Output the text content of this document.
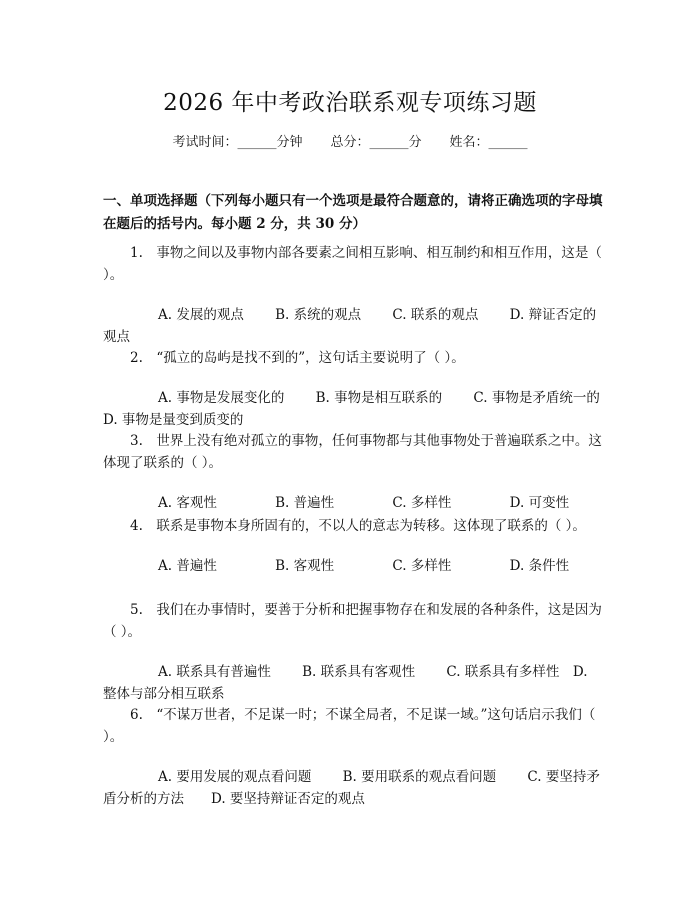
2026 年中考政治联系观专项练习题
考试时间：______分钟 总分：______分 姓名：______
一、单项选择题（下列每小题只有一个选项是最符合题意的，请将正确选项的字母填在题后的括号内。每小题 2 分，共 30 分）
1.　事物之间以及事物内部各要素之间相互影响、相互制约和相互作用，这是（ ）。
A. 发展的观点　　 B. 系统的观点　　 C. 联系的观点　　 D. 辩证否定的观点
2.　“孤立的岛屿是找不到的”，这句话主要说明了（ ）。
A. 事物是发展变化的　　 B. 事物是相互联系的　　 C. 事物是矛盾统一的　　D. 事物是量变到质变的
3.　世界上没有绝对孤立的事物，任何事物都与其他事物处于普遍联系之中。这体现了联系的（ ）。
A. 客观性　　　　 B. 普遍性　　　　 C. 多样性　　　　 D. 可变性
4.　联系是事物本身所固有的，不以人的意志为转移。这体现了联系的（ ）。
A. 普遍性　　　　 B. 客观性　　　　 C. 多样性　　　　 D. 条件性
5.　我们在办事情时，要善于分析和把握事物存在和发展的各种条件，这是因为（ ）。
A. 联系具有普遍性　　 B. 联系具有客观性　　 C. 联系具有多样性　D. 整体与部分相互联系
6.　“不谋万世者，不足谋一时；不谋全局者，不足谋一域。”这句话启示我们（ ）。
A. 要用发展的观点看问题　　 B. 要用联系的观点看问题　　 C. 要坚持矛盾分析的方法　　D. 要坚持辩证否定的观点
